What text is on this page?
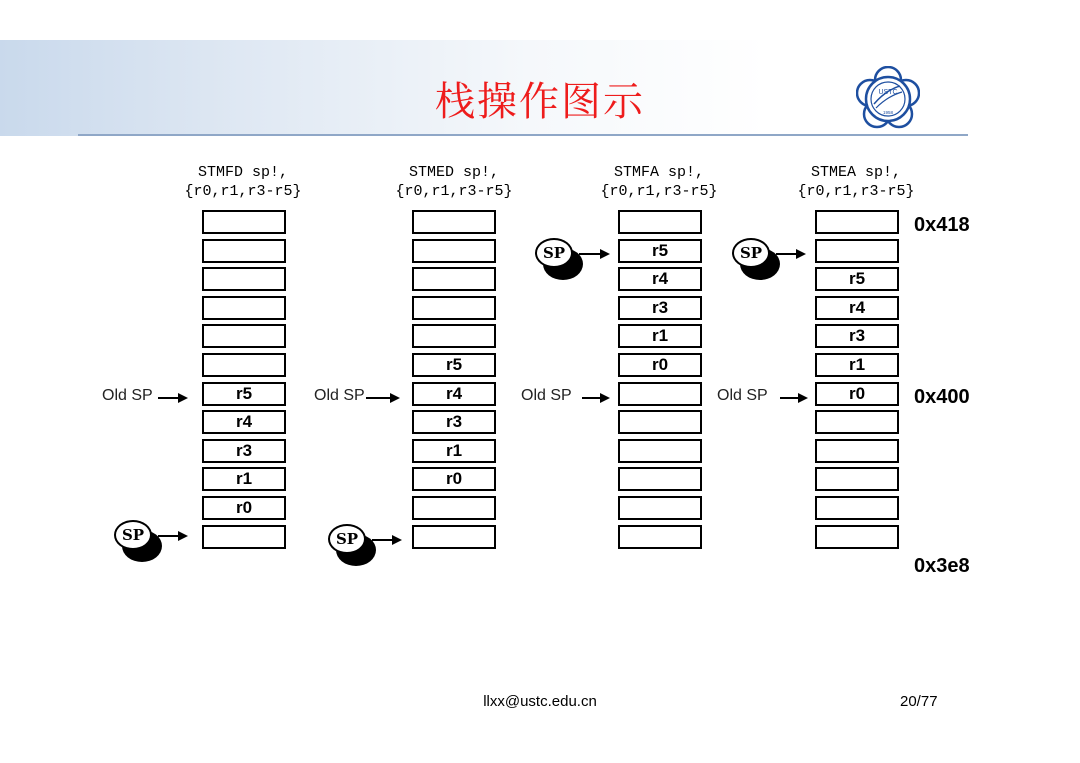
栈操作图示	USTC
1958
STMFD sp!,
{r0,r1,r3-r5}
STMED sp!,
{r0,r1,r3-r5}
STMFA sp!,
{r0,r1,r3-r5}
STMEA sp!,
{r0,r1,r3-r5}
r5
r4
r3
r1
r0
r5
r4
r3
r1
r0
r5
r4
r3
r1
r0
r5
r4
r3
r1
r0
Old SP	Old SP	Old SP	Old SP
SP	SP
SP	SP
0x418
0x400
0x3e8
llxx@ustc.edu.cn	20/77
